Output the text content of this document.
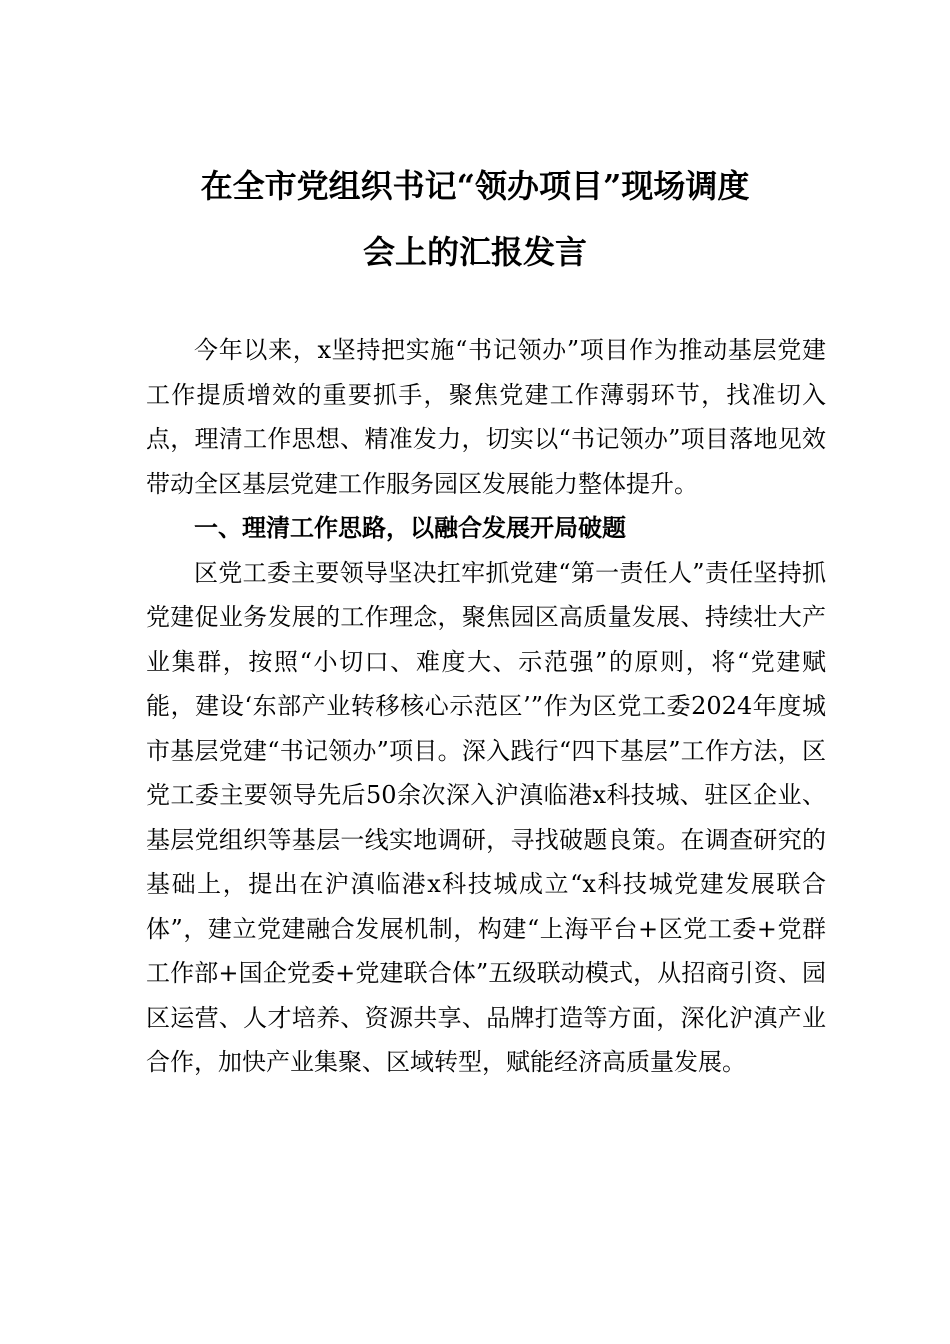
在全市党组织书记“领办项目”现场调度
会上的汇报发言

今年以来，x坚持把实施“书记领办”项目作为推动基层党建工作提质增效的重要抓手，聚焦党建工作薄弱环节，找准切入点，理清工作思想、精准发力，切实以“书记领办”项目落地见效带动全区基层党建工作服务园区发展能力整体提升。

一、理清工作思路，以融合发展开局破题

区党工委主要领导坚决扛牢抓党建“第一责任人”责任坚持抓党建促业务发展的工作理念，聚焦园区高质量发展、持续壮大产业集群，按照“小切口、难度大、示范强”的原则，将“党建赋能，建设‘东部产业转移核心示范区’”作为区党工委2024年度城市基层党建“书记领办”项目。深入践行“四下基层”工作方法，区党工委主要领导先后50余次深入沪滇临港x科技城、驻区企业、基层党组织等基层一线实地调研，寻找破题良策。在调查研究的基础上，提出在沪滇临港x科技城成立“x科技城党建发展联合体”，建立党建融合发展机制，构建“上海平台+区党工委+党群工作部+国企党委+党建联合体”五级联动模式，从招商引资、园区运营、人才培养、资源共享、品牌打造等方面，深化沪滇产业合作，加快产业集聚、区域转型，赋能经济高质量发展。
